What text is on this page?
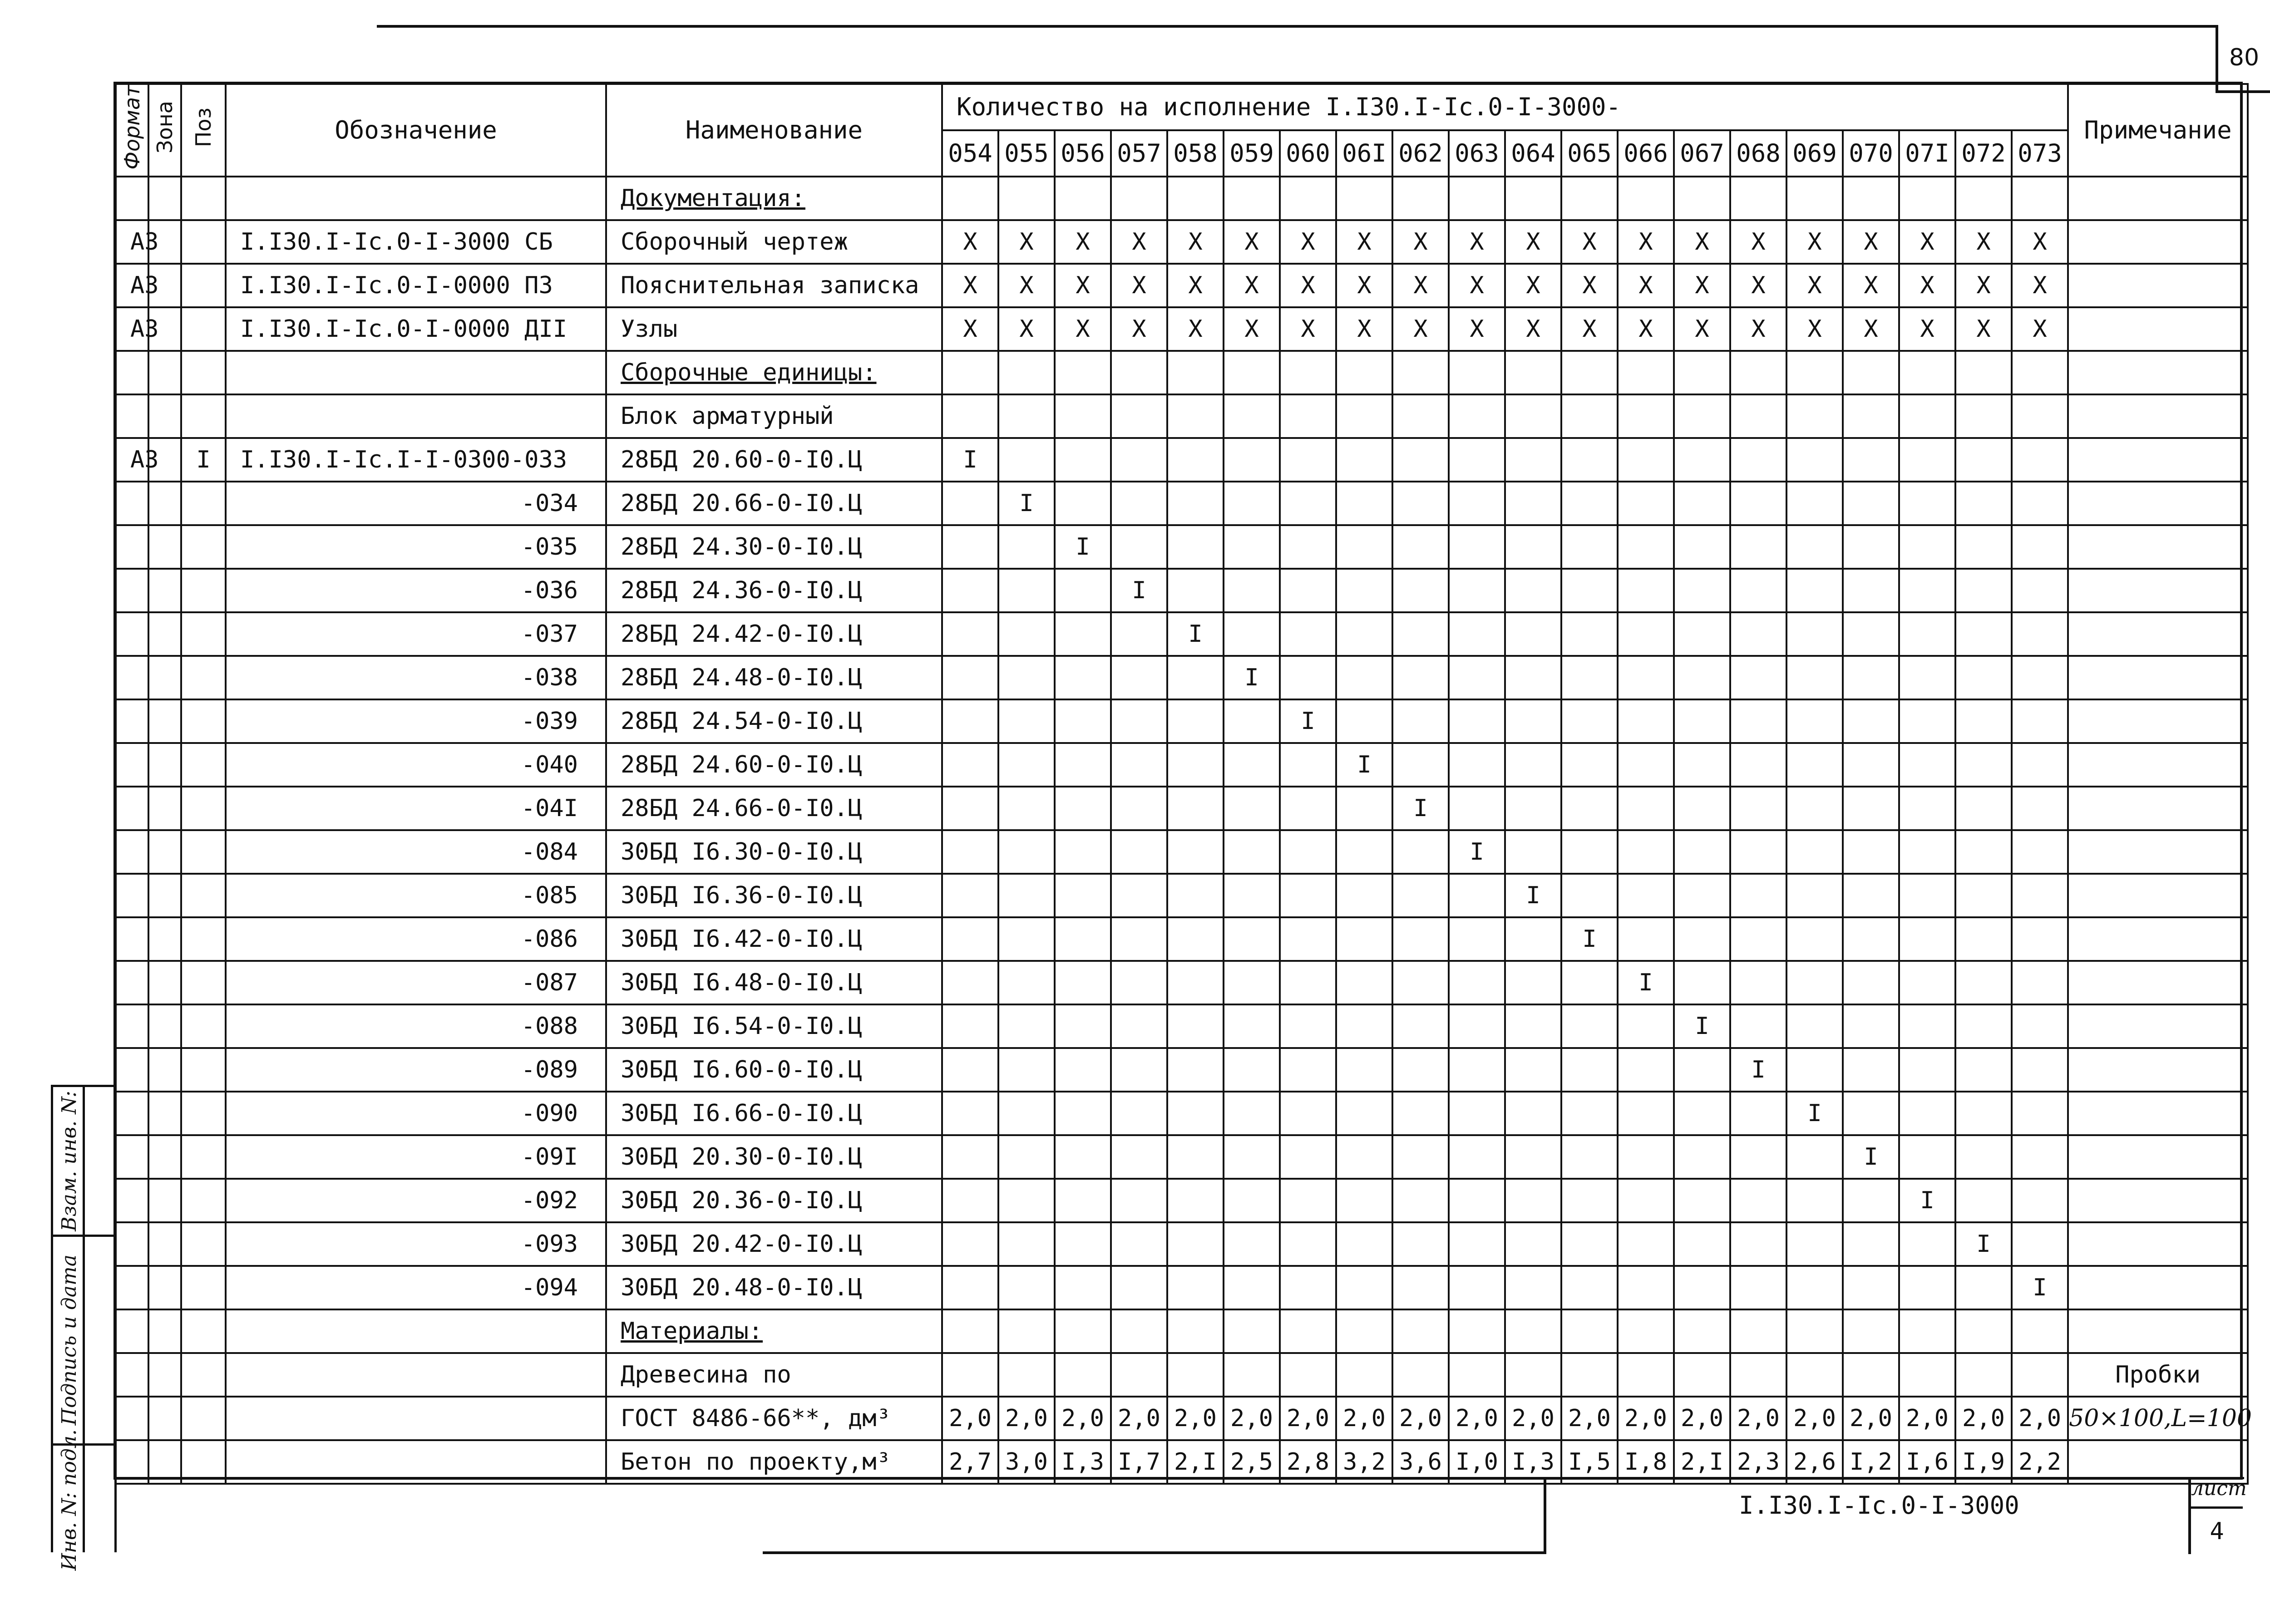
80
Формат	Зона	Поз	Обозначение	Наименование	Количество на исполнение I.I30.I-Ic.0-I-3000-																				Примечание
					054	055	056	057	058	059	060	06I	062	063	064	065	066	067	068	069	070	07I	072	073	
				Документация:																					
А3			I.I30.I-Ic.0-I-3000 СБ	Сборочный чертеж	X	X	X	X	X	X	X	X	X	X	X	X	X	X	X	X	X	X	X	X	
А3			I.I30.I-Ic.0-I-0000 ПЗ	Пояснительная записка	X	X	X	X	X	X	X	X	X	X	X	X	X	X	X	X	X	X	X	X	
А3			I.I30.I-Ic.0-I-0000 ДII	Узлы	X	X	X	X	X	X	X	X	X	X	X	X	X	X	X	X	X	X	X	X	
				Сборочные единицы:																					
				Блок арматурный																					
А3		I	I.I30.I-Ic.I-I-0300-033	28БД 20.60-0-I0.Ц	I																				
			-034	28БД 20.66-0-I0.Ц		I																			
			-035	28БД 24.30-0-I0.Ц			I																		
			-036	28БД 24.36-0-I0.Ц				I																	
			-037	28БД 24.42-0-I0.Ц					I																
			-038	28БД 24.48-0-I0.Ц						I															
			-039	28БД 24.54-0-I0.Ц							I														
			-040	28БД 24.60-0-I0.Ц								I													
			-04I	28БД 24.66-0-I0.Ц									I												
			-084	30БД I6.30-0-I0.Ц										I											
			-085	30БД I6.36-0-I0.Ц											I										
			-086	30БД I6.42-0-I0.Ц												I									
			-087	30БД I6.48-0-I0.Ц													I								
			-088	30БД I6.54-0-I0.Ц														I							
			-089	30БД I6.60-0-I0.Ц															I						
			-090	30БД I6.66-0-I0.Ц																I					
			-09I	30БД 20.30-0-I0.Ц																	I				
			-092	30БД 20.36-0-I0.Ц																		I			
			-093	30БД 20.42-0-I0.Ц																			I		
			-094	30БД 20.48-0-I0.Ц																				I	
				Материалы:																					
				Древесина по																					Пробки
				ГОСТ 8486-66**, дм³	2,0	2,0	2,0	2,0	2,0	2,0	2,0	2,0	2,0	2,0	2,0	2,0	2,0	2,0	2,0	2,0	2,0	2,0	2,0	2,0	50×100,L=100
				Бетон по проекту,м³	2,7	3,0	I,3	I,7	2,I	2,5	2,8	3,2	3,6	I,0	I,3	I,5	I,8	2,I	2,3	2,6	I,2	I,6	I,9	2,2	
Взам. инв. N:
Подпись и дата
Инв. N: подл.	I.I30.I-Ic.0-I-3000
лист
4
